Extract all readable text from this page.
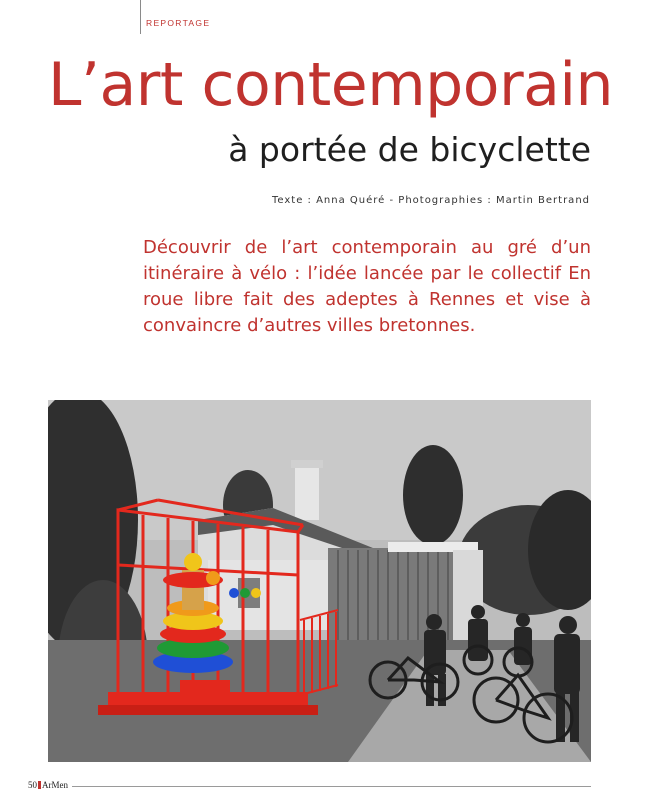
REPORTAGE
L’art contemporain
à portée de bicyclette
Texte : Anna Quéré - Photographies : Martin Bertrand

Découvrir de l’art contemporain au gré d’un itinéraire à vélo : l’idée lancée par le collectif En roue libre fait des adeptes à Rennes et vise à convaincre d’autres villes bretonnes.

50 ArMen
